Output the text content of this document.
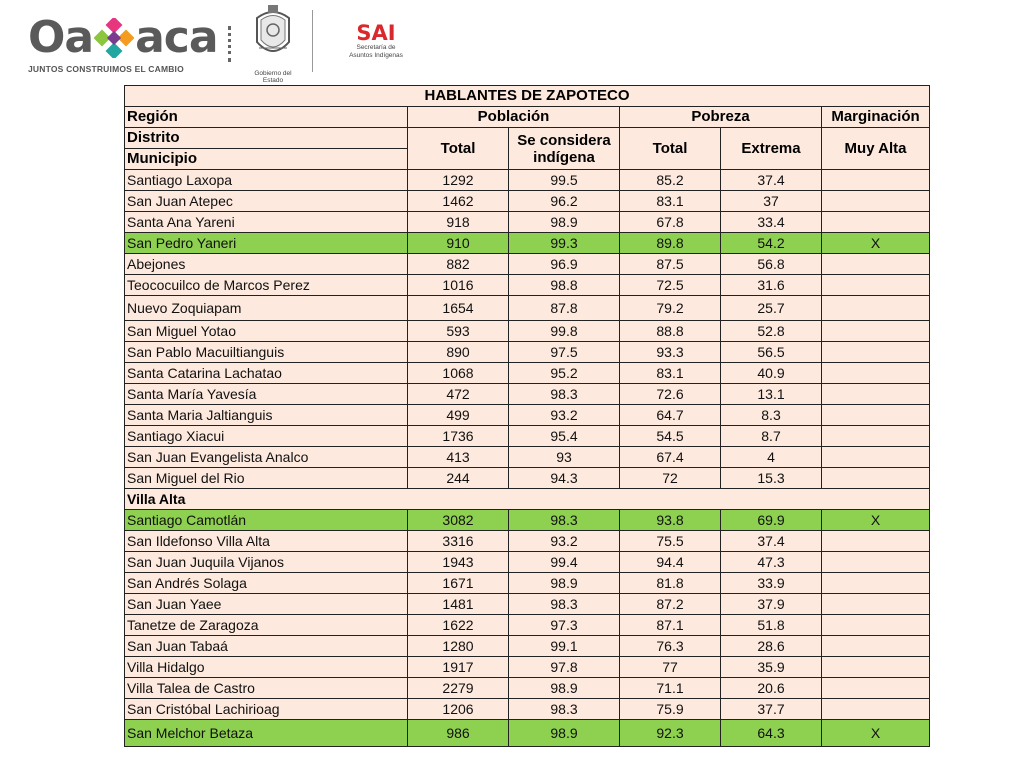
Oa aca
JUNTOS CONSTRUIMOS EL CAMBIO	Gobierno del Estado
SAI
Secretaría de
Asuntos Indígenas
HABLANTES DE ZAPOTECO					
Región	Población		Pobreza		Marginación
Distrito	Total	Se considera indígena	Total	Extrema	Muy Alta
Municipio					
Santiago Laxopa	1292	99.5	85.2	37.4	
San Juan Atepec	1462	96.2	83.1	37	
Santa Ana Yareni	918	98.9	67.8	33.4	
San Pedro Yaneri	910	99.3	89.8	54.2	X
Abejones	882	96.9	87.5	56.8	
Teococuilco de Marcos Perez	1016	98.8	72.5	31.6	
Nuevo Zoquiapam	1654	87.8	79.2	25.7	
San Miguel Yotao	593	99.8	88.8	52.8	
San Pablo Macuiltianguis	890	97.5	93.3	56.5	
Santa Catarina Lachatao	1068	95.2	83.1	40.9	
Santa María Yavesía	472	98.3	72.6	13.1	
Santa Maria Jaltianguis	499	93.2	64.7	8.3	
Santiago Xiacui	1736	95.4	54.5	8.7	
San Juan Evangelista Analco	413	93	67.4	4	
San Miguel del Rio	244	94.3	72	15.3	
Villa Alta					
Santiago Camotlán	3082	98.3	93.8	69.9	X
San Ildefonso Villa Alta	3316	93.2	75.5	37.4	
San Juan Juquila Vijanos	1943	99.4	94.4	47.3	
San Andrés Solaga	1671	98.9	81.8	33.9	
San Juan Yaee	1481	98.3	87.2	37.9	
Tanetze de Zaragoza	1622	97.3	87.1	51.8	
San Juan Tabaá	1280	99.1	76.3	28.6	
Villa Hidalgo	1917	97.8	77	35.9	
Villa Talea de Castro	2279	98.9	71.1	20.6	
San Cristóbal Lachirioag	1206	98.3	75.9	37.7	
San Melchor Betaza	986	98.9	92.3	64.3	X
